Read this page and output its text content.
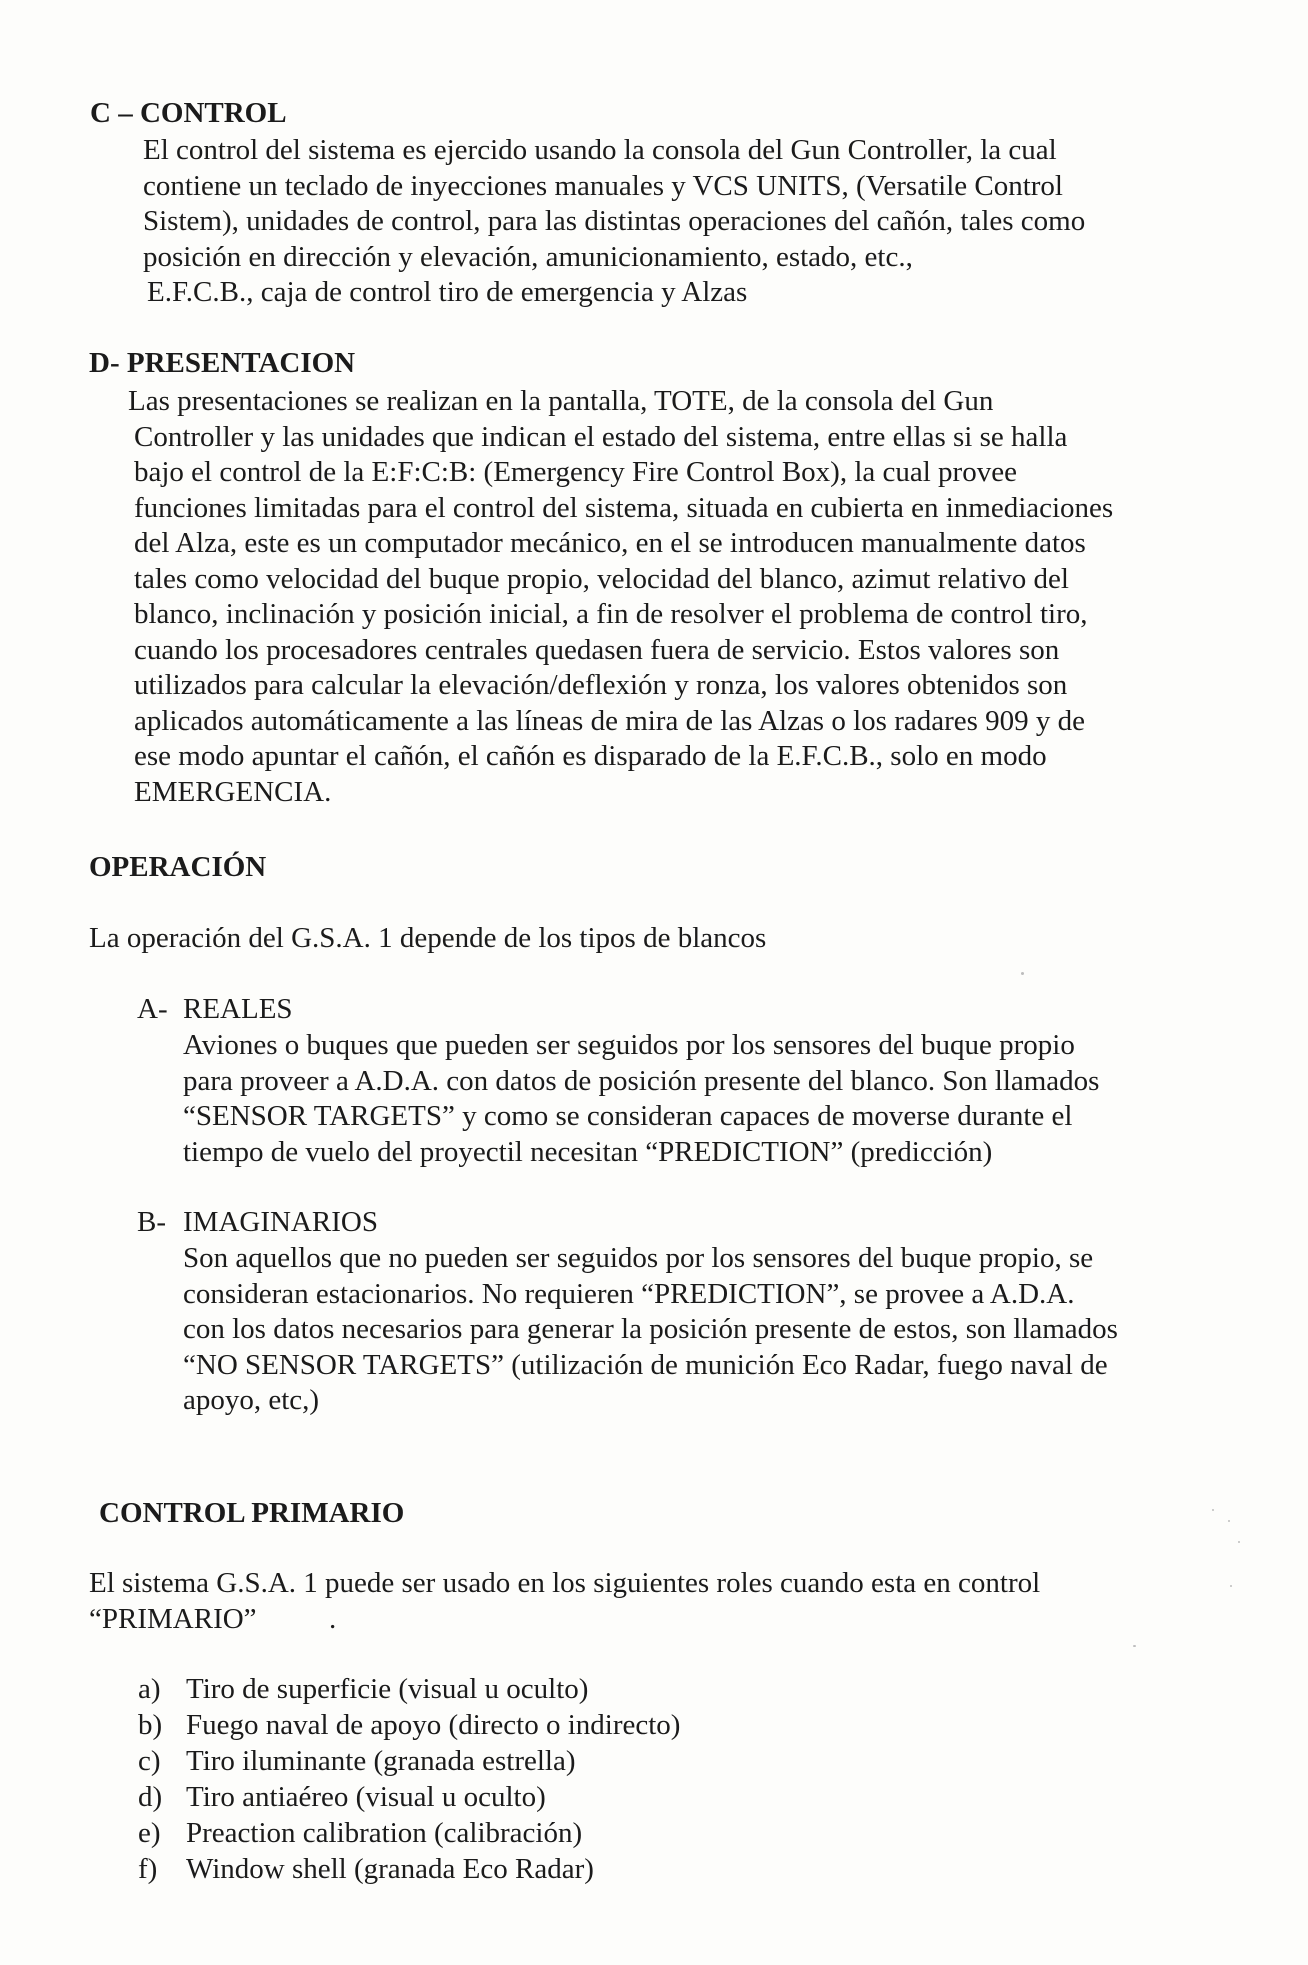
C – CONTROL

El control del sistema es ejercido usando la consola del Gun Controller, la cual
contiene un teclado de inyecciones manuales y VCS UNITS, (Versatile Control
Sistem), unidades de control, para las distintas operaciones del cañón, tales como
posición en dirección y elevación, amunicionamiento, estado, etc.,
E.F.C.B., caja de control tiro de emergencia y Alzas

D- PRESENTACION

Las presentaciones se realizan en la pantalla, TOTE, de la consola del Gun
Controller y las unidades que indican el estado del sistema, entre ellas si se halla
bajo el control de la E:F:C:B: (Emergency Fire Control Box), la cual provee
funciones limitadas para el control del sistema, situada en cubierta en inmediaciones
del Alza, este es un computador mecánico, en el se introducen manualmente datos
tales como velocidad del buque propio, velocidad del blanco, azimut relativo del
blanco, inclinación y posición inicial, a fin de resolver el problema de control tiro,
cuando los procesadores centrales quedasen fuera de servicio. Estos valores son
utilizados para calcular la elevación/deflexión y ronza, los valores obtenidos son
aplicados automáticamente a las líneas de mira de las Alzas o los radares 909 y de
ese modo apuntar el cañón, el cañón es disparado de la E.F.C.B., solo en modo
EMERGENCIA.

OPERACIÓN

La operación del G.S.A. 1 depende de los tipos de blancos

A- REALES

Aviones o buques que pueden ser seguidos por los sensores del buque propio
para proveer a A.D.A. con datos de posición presente del blanco. Son llamados
“SENSOR TARGETS” y como se consideran capaces de moverse durante el
tiempo de vuelo del proyectil necesitan “PREDICTION” (predicción)

B- IMAGINARIOS

Son aquellos que no pueden ser seguidos por los sensores del buque propio, se
consideran estacionarios. No requieren “PREDICTION”, se provee a A.D.A.
con los datos necesarios para generar la posición presente de estos, son llamados
“NO SENSOR TARGETS” (utilización de munición Eco Radar, fuego naval de
apoyo, etc,)

CONTROL PRIMARIO

El sistema G.S.A. 1 puede ser usado en los siguientes roles cuando esta en control
“PRIMARIO”          .

a) Tiro de superficie (visual u oculto)
b) Fuego naval de apoyo (directo o indirecto)
c) Tiro iluminante (granada estrella)
d) Tiro antiaéreo (visual u oculto)
e) Preaction calibration (calibración)
f) Window shell (granada Eco Radar)
